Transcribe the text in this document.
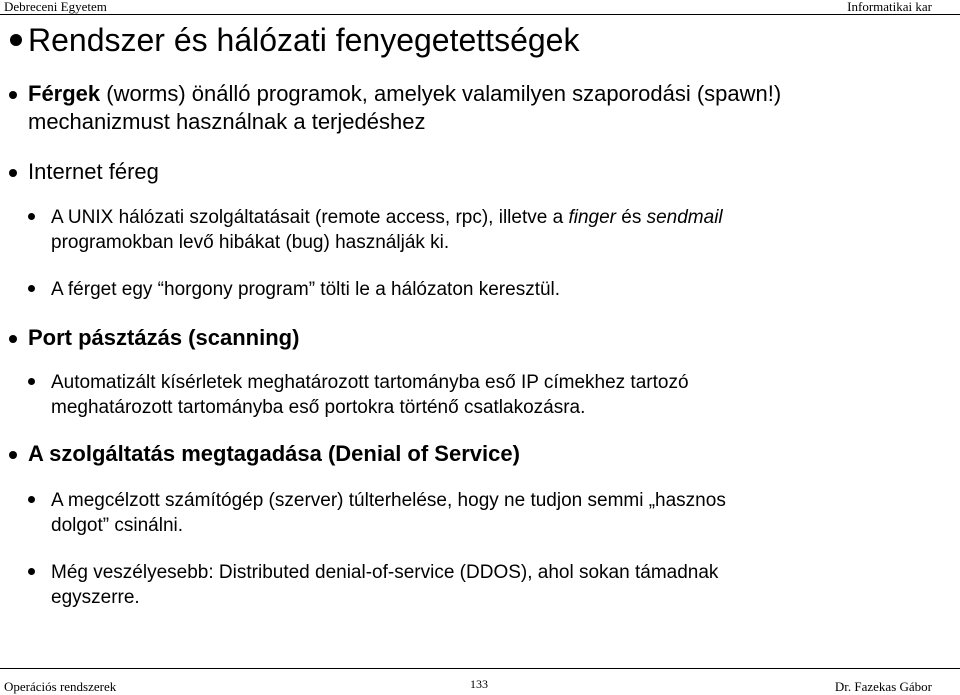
Debreceni Egyetem	Informatikai kar
Rendszer és hálózati fenyegetettségek
Férgek (worms) önálló programok, amelyek valamilyen szaporodási (spawn!)
mechanizmust használnak a terjedéshez
Internet féreg
A UNIX hálózati szolgáltatásait (remote access, rpc), illetve a finger és sendmail
programokban levő hibákat (bug) használják ki.
A férget egy “horgony program” tölti le a hálózaton keresztül.
Port pásztázás (scanning)
Automatizált kísérletek meghatározott tartományba eső IP címekhez tartozó
meghatározott tartományba eső portokra történő csatlakozásra.
A szolgáltatás megtagadása (Denial of Service)
A megcélzott számítógép (szerver) túlterhelése, hogy ne tudjon semmi „hasznos
dolgot” csinálni.
Még veszélyesebb: Distributed denial-of-service (DDOS), ahol sokan támadnak
egyszerre.
Operációs rendszerek	133	Dr. Fazekas Gábor
